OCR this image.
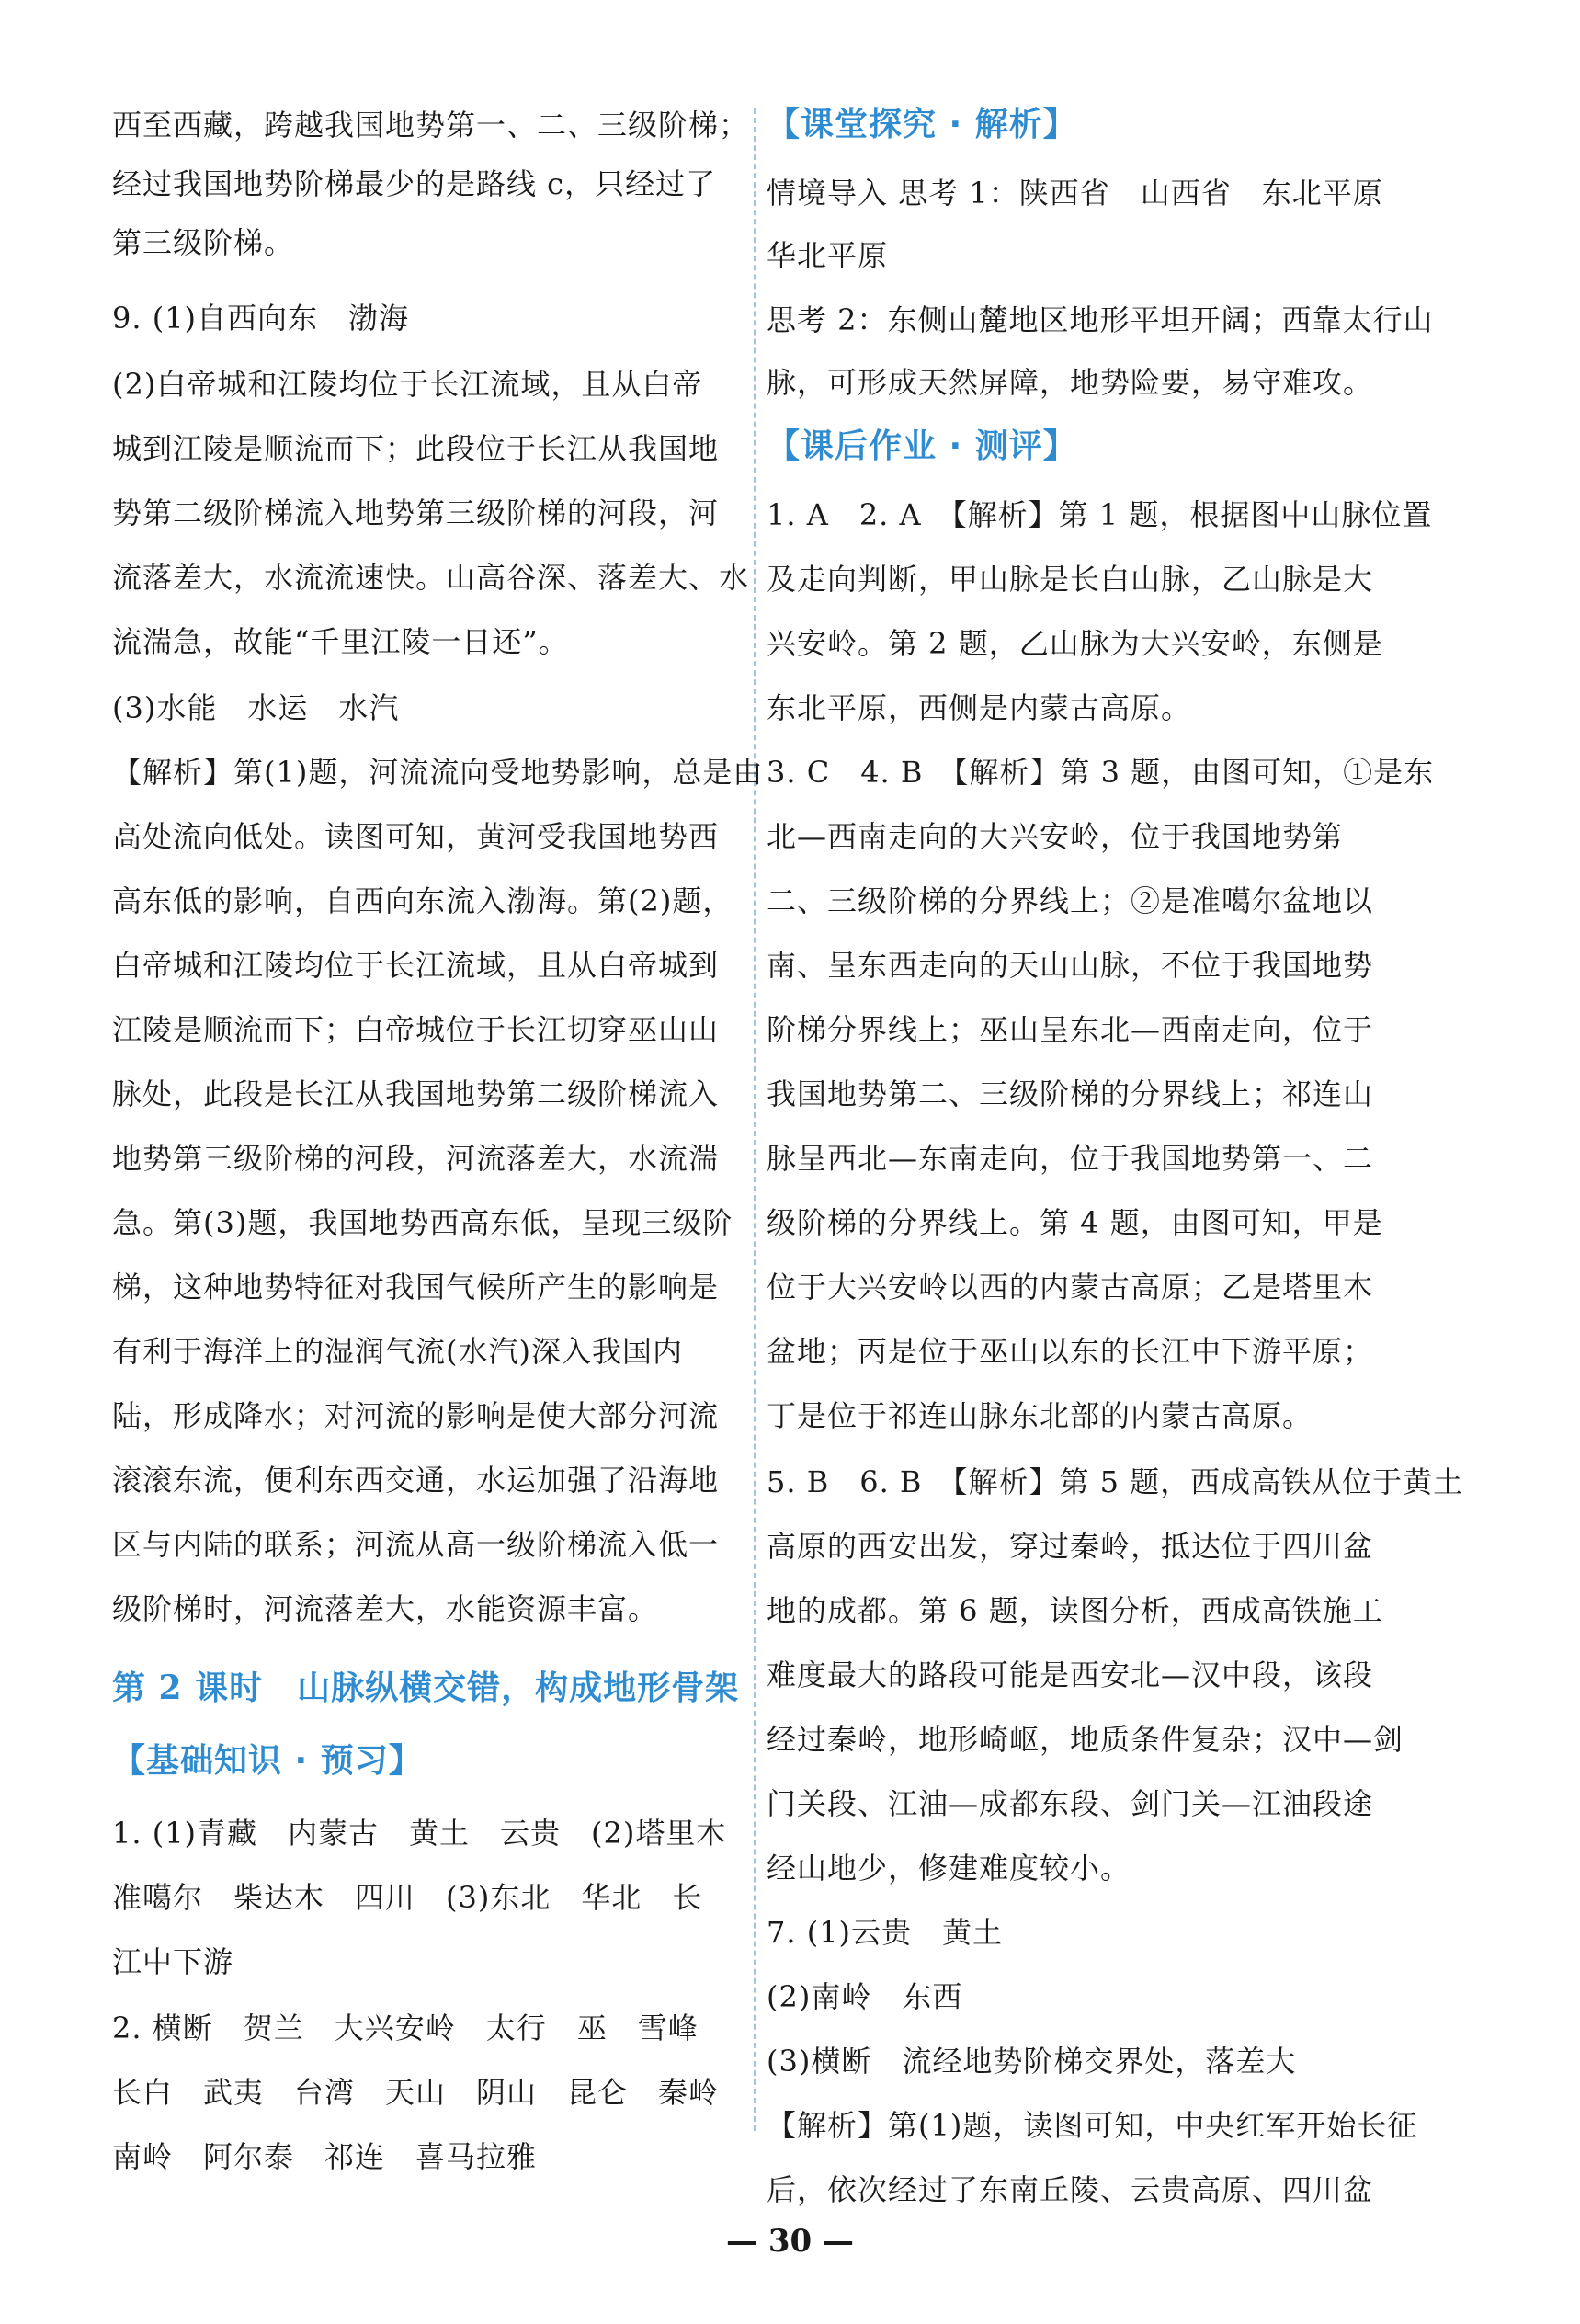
西至西藏，跨越我国地势第一、二、三级阶梯；
经过我国地势阶梯最少的是路线 c，只经过了
第三级阶梯。
9. (1)自西向东　渤海
(2)白帝城和江陵均位于长江流域，且从白帝
城到江陵是顺流而下；此段位于长江从我国地
势第二级阶梯流入地势第三级阶梯的河段，河
流落差大，水流流速快。山高谷深、落差大、水
流湍急，故能“千里江陵一日还”。
(3)水能　水运　水汽
【解析】第(1)题，河流流向受地势影响，总是由
高处流向低处。读图可知，黄河受我国地势西
高东低的影响，自西向东流入渤海。第(2)题，
白帝城和江陵均位于长江流域，且从白帝城到
江陵是顺流而下；白帝城位于长江切穿巫山山
脉处，此段是长江从我国地势第二级阶梯流入
地势第三级阶梯的河段，河流落差大，水流湍
急。第(3)题，我国地势西高东低，呈现三级阶
梯，这种地势特征对我国气候所产生的影响是
有利于海洋上的湿润气流(水汽)深入我国内
陆，形成降水；对河流的影响是使大部分河流
滚滚东流，便利东西交通，水运加强了沿海地
区与内陆的联系；河流从高一级阶梯流入低一
级阶梯时，河流落差大，水能资源丰富。
第 2 课时　山脉纵横交错，构成地形骨架
【基础知识 · 预习】
1. (1)青藏　内蒙古　黄土　云贵　(2)塔里木
准噶尔　柴达木　四川　(3)东北　华北　长
江中下游
2. 横断　贺兰　大兴安岭　太行　巫　雪峰
长白　武夷　台湾　天山　阴山　昆仑　秦岭
南岭　阿尔泰　祁连　喜马拉雅
【课堂探究 · 解析】
情境导入 思考 1：陕西省　山西省　东北平原
华北平原
思考 2：东侧山麓地区地形平坦开阔；西靠太行山
脉，可形成天然屏障，地势险要，易守难攻。
【课后作业 · 测评】
1. A　2. A　【解析】第 1 题，根据图中山脉位置
及走向判断，甲山脉是长白山脉，乙山脉是大
兴安岭。第 2 题，乙山脉为大兴安岭，东侧是
东北平原，西侧是内蒙古高原。
3. C　4. B　【解析】第 3 题，由图可知，①是东
北—西南走向的大兴安岭，位于我国地势第
二、三级阶梯的分界线上；②是准噶尔盆地以
南、呈东西走向的天山山脉，不位于我国地势
阶梯分界线上；巫山呈东北—西南走向，位于
我国地势第二、三级阶梯的分界线上；祁连山
脉呈西北—东南走向，位于我国地势第一、二
级阶梯的分界线上。第 4 题，由图可知，甲是
位于大兴安岭以西的内蒙古高原；乙是塔里木
盆地；丙是位于巫山以东的长江中下游平原；
丁是位于祁连山脉东北部的内蒙古高原。
5. B　6. B　【解析】第 5 题，西成高铁从位于黄土
高原的西安出发，穿过秦岭，抵达位于四川盆
地的成都。第 6 题，读图分析，西成高铁施工
难度最大的路段可能是西安北—汉中段，该段
经过秦岭，地形崎岖，地质条件复杂；汉中—剑
门关段、江油—成都东段、剑门关—江油段途
经山地少，修建难度较小。
7. (1)云贵　黄土
(2)南岭　东西
(3)横断　流经地势阶梯交界处，落差大
【解析】第(1)题，读图可知，中央红军开始长征
后，依次经过了东南丘陵、云贵高原、四川盆
— 30 —
